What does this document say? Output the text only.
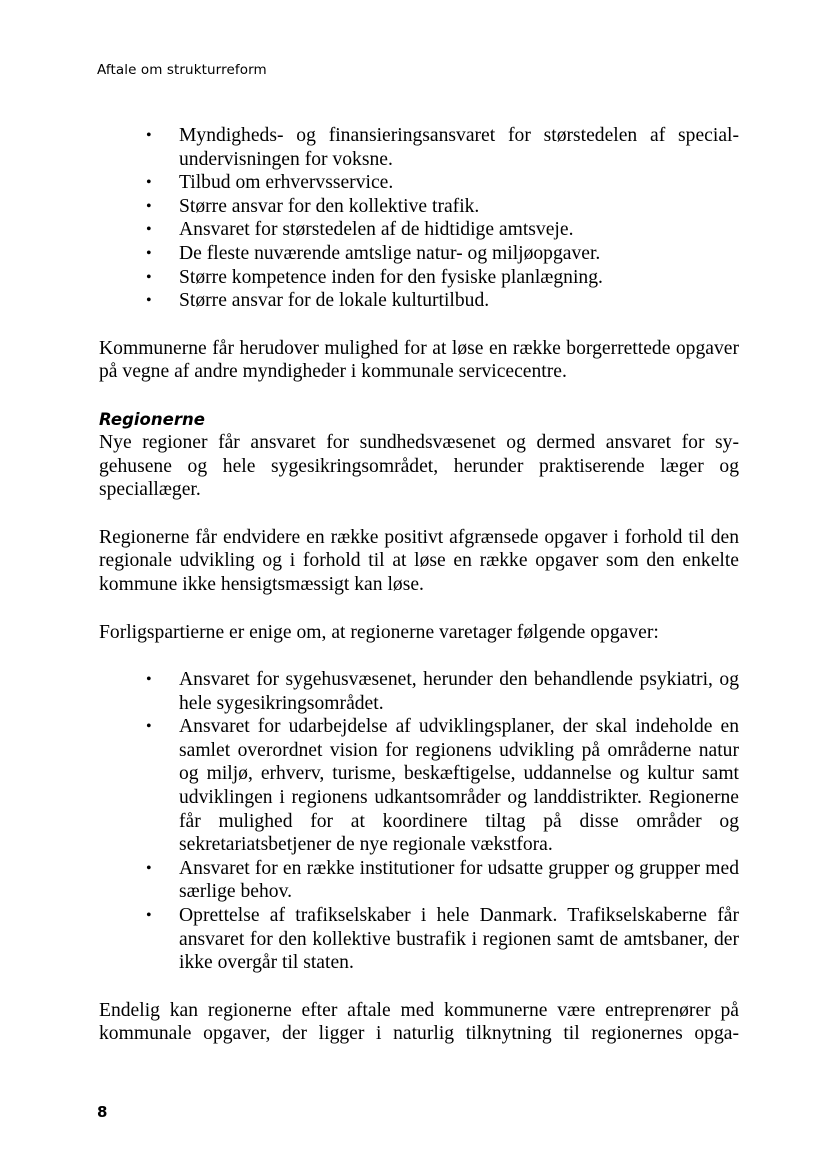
Aftale om strukturreform
• Myndigheds- og finansieringsansvaret for størstedelen af specialundervisningen for voksne.
• Tilbud om erhvervsservice.
• Større ansvar for den kollektive trafik.
• Ansvaret for størstedelen af de hidtidige amtsveje.
• De fleste nuværende amtslige natur- og miljøopgaver.
• Større kompetence inden for den fysiske planlægning.
• Større ansvar for de lokale kulturtilbud.

Kommunerne får herudover mulighed for at løse en række borgerrettede opgaver på vegne af andre myndigheder i kommunale servicecentre.

Regionerne

Nye regioner får ansvaret for sundhedsvæsenet og dermed ansvaret for sygehusene og hele sygesikringsområdet, herunder praktiserende læger og speciallæger.

Regionerne får endvidere en række positivt afgrænsede opgaver i forhold til den regionale udvikling og i forhold til at løse en række opgaver som den enkelte kommune ikke hensigtsmæssigt kan løse.

Forligspartierne er enige om, at regionerne varetager følgende opgaver:

• Ansvaret for sygehusvæsenet, herunder den behandlende psykiatri, og hele sygesikringsområdet.
• Ansvaret for udarbejdelse af udviklingsplaner, der skal indeholde en samlet overordnet vision for regionens udvikling på områderne natur og miljø, erhverv, turisme, beskæftigelse, uddannelse og kultur samt udviklingen i regionens udkantsområder og landdistrikter. Regionerne får mulighed for at koordinere tiltag på disse områder og sekretariatsbetjener de nye regionale vækstfora.
• Ansvaret for en række institutioner for udsatte grupper og grupper med særlige behov.
• Oprettelse af trafikselskaber i hele Danmark. Trafikselskaberne får ansvaret for den kollektive bustrafik i regionen samt de amtsbaner, der ikke overgår til staten.

Endelig kan regionerne efter aftale med kommunerne være entreprenører på kommunale opgaver, der ligger i naturlig tilknytning til regionernes opga-

8
